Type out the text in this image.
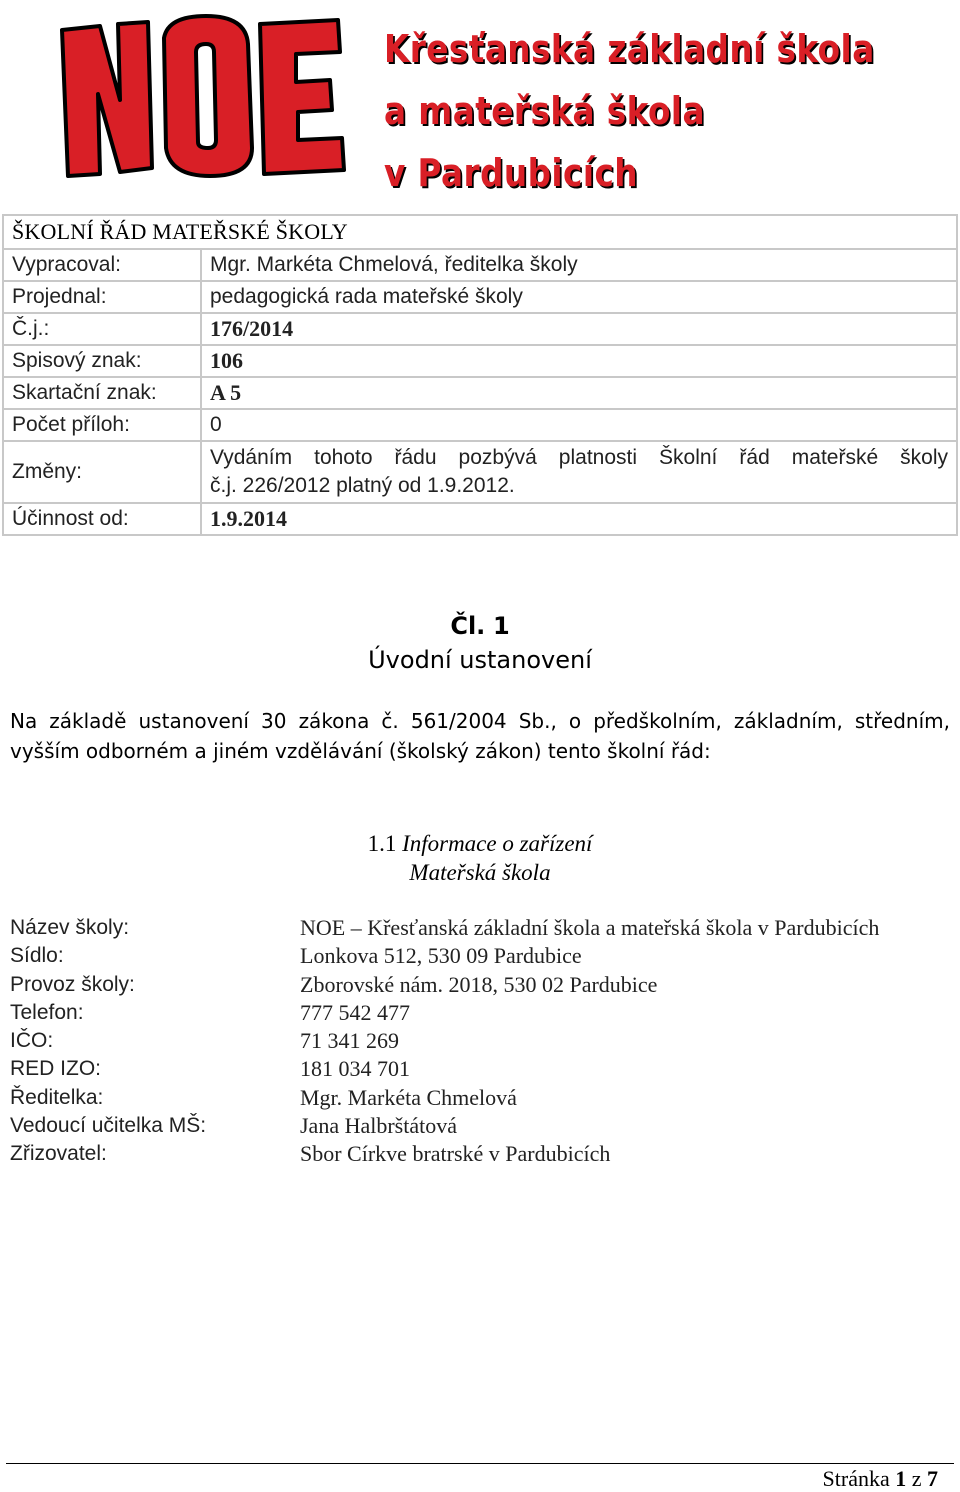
Křesťanská základní škola
a mateřská škola
v Pardubicích
ŠKOLNÍ ŘÁD MATEŘSKÉ ŠKOLY	
Vypracoval:	Mgr. Markéta Chmelová, ředitelka školy
Projednal:	pedagogická rada mateřské školy
Č.j.:	176/2014
Spisový znak:	106
Skartační znak:	A 5
Počet příloh:	0
Změny:	Vydáním tohoto řádu pozbývá platnosti Školní řád mateřské školy
č.j. 226/2012 platný od 1.9.2012.
Účinnost od:	1.9.2014
Čl. 1
Úvodní ustanovení
Na základě ustanovení 30 zákona č. 561/2004 Sb., o předškolním, základním, středním,
vyšším odborném a jiném vzdělávání (školský zákon) tento školní řád:
1.1 Informace o zařízení
Mateřská škola
Název školy:	NOE – Křesťanská základní škola a mateřská škola v Pardubicích
Sídlo:	Lonkova 512, 530 09 Pardubice
Provoz školy:	Zborovské nám. 2018, 530 02 Pardubice
Telefon:	777 542 477
IČO:	71 341 269
RED IZO:	181 034 701
Ředitelka:	Mgr. Markéta Chmelová
Vedoucí učitelka MŠ:	Jana Halbrštátová
Zřizovatel:	Sbor Církve bratrské v Pardubicích
Stránka 1 z 7
